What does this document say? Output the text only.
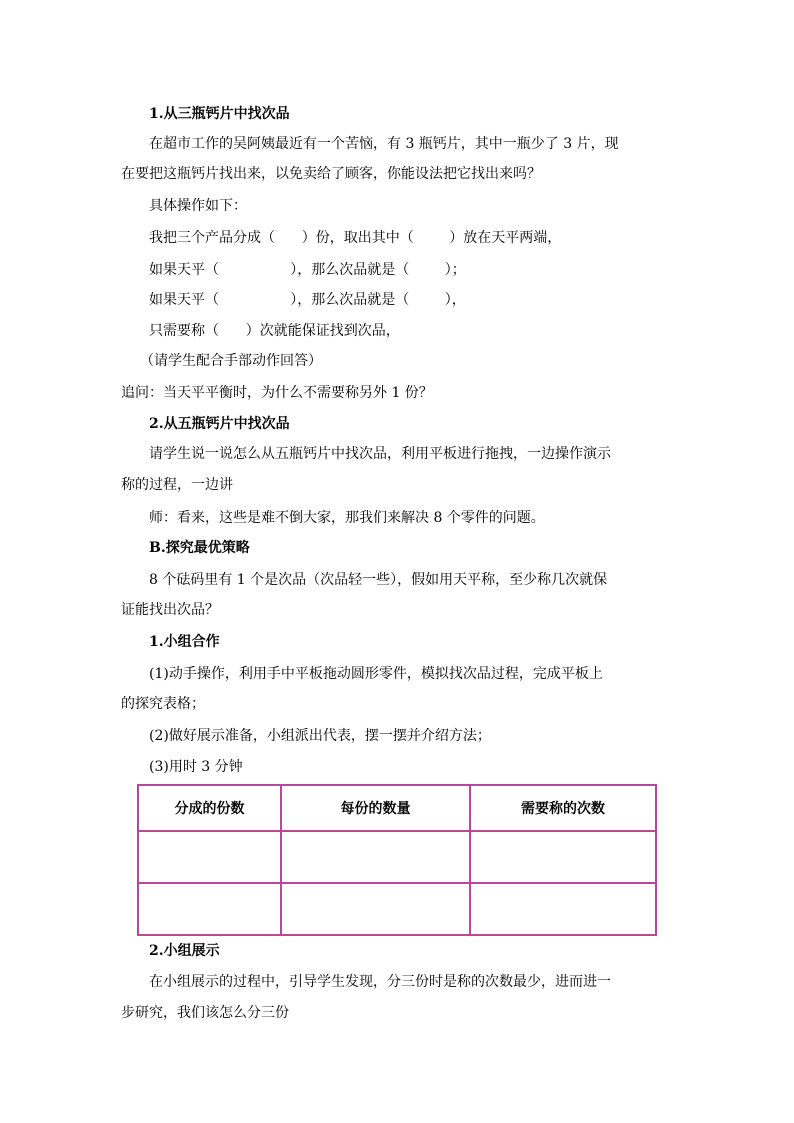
1.从三瓶钙片中找次品
在超市工作的吴阿姨最近有一个苦恼，有 3 瓶钙片，其中一瓶少了 3 片，现
在要把这瓶钙片找出来，以免卖给了顾客，你能设法把它找出来吗？
具体操作如下：
我把三个产品分成（      ）份，取出其中（        ）放在天平两端，
如果天平（                ），那么次品就是（        ）；
如果天平（                ），那么次品就是（        ），
只需要称（      ）次就能保证找到次品，
（请学生配合手部动作回答）
追问：当天平平衡时，为什么不需要称另外 1 份？
2.从五瓶钙片中找次品
请学生说一说怎么从五瓶钙片中找次品，利用平板进行拖拽，一边操作演示
称的过程，一边讲
师：看来，这些是难不倒大家，那我们来解决 8 个零件的问题。
B.探究最优策略
8 个砝码里有 1 个是次品（次品轻一些），假如用天平称，至少称几次就保
证能找出次品？
1.小组合作
(1)动手操作，利用手中平板拖动圆形零件，模拟找次品过程，完成平板上
的探究表格；
(2)做好展示准备，小组派出代表，摆一摆并介绍方法；
(3)用时 3 分钟
分成的份数	每份的数量	需要称的次数

2.小组展示
在小组展示的过程中，引导学生发现，分三份时是称的次数最少，进而进一
步研究，我们该怎么分三份
